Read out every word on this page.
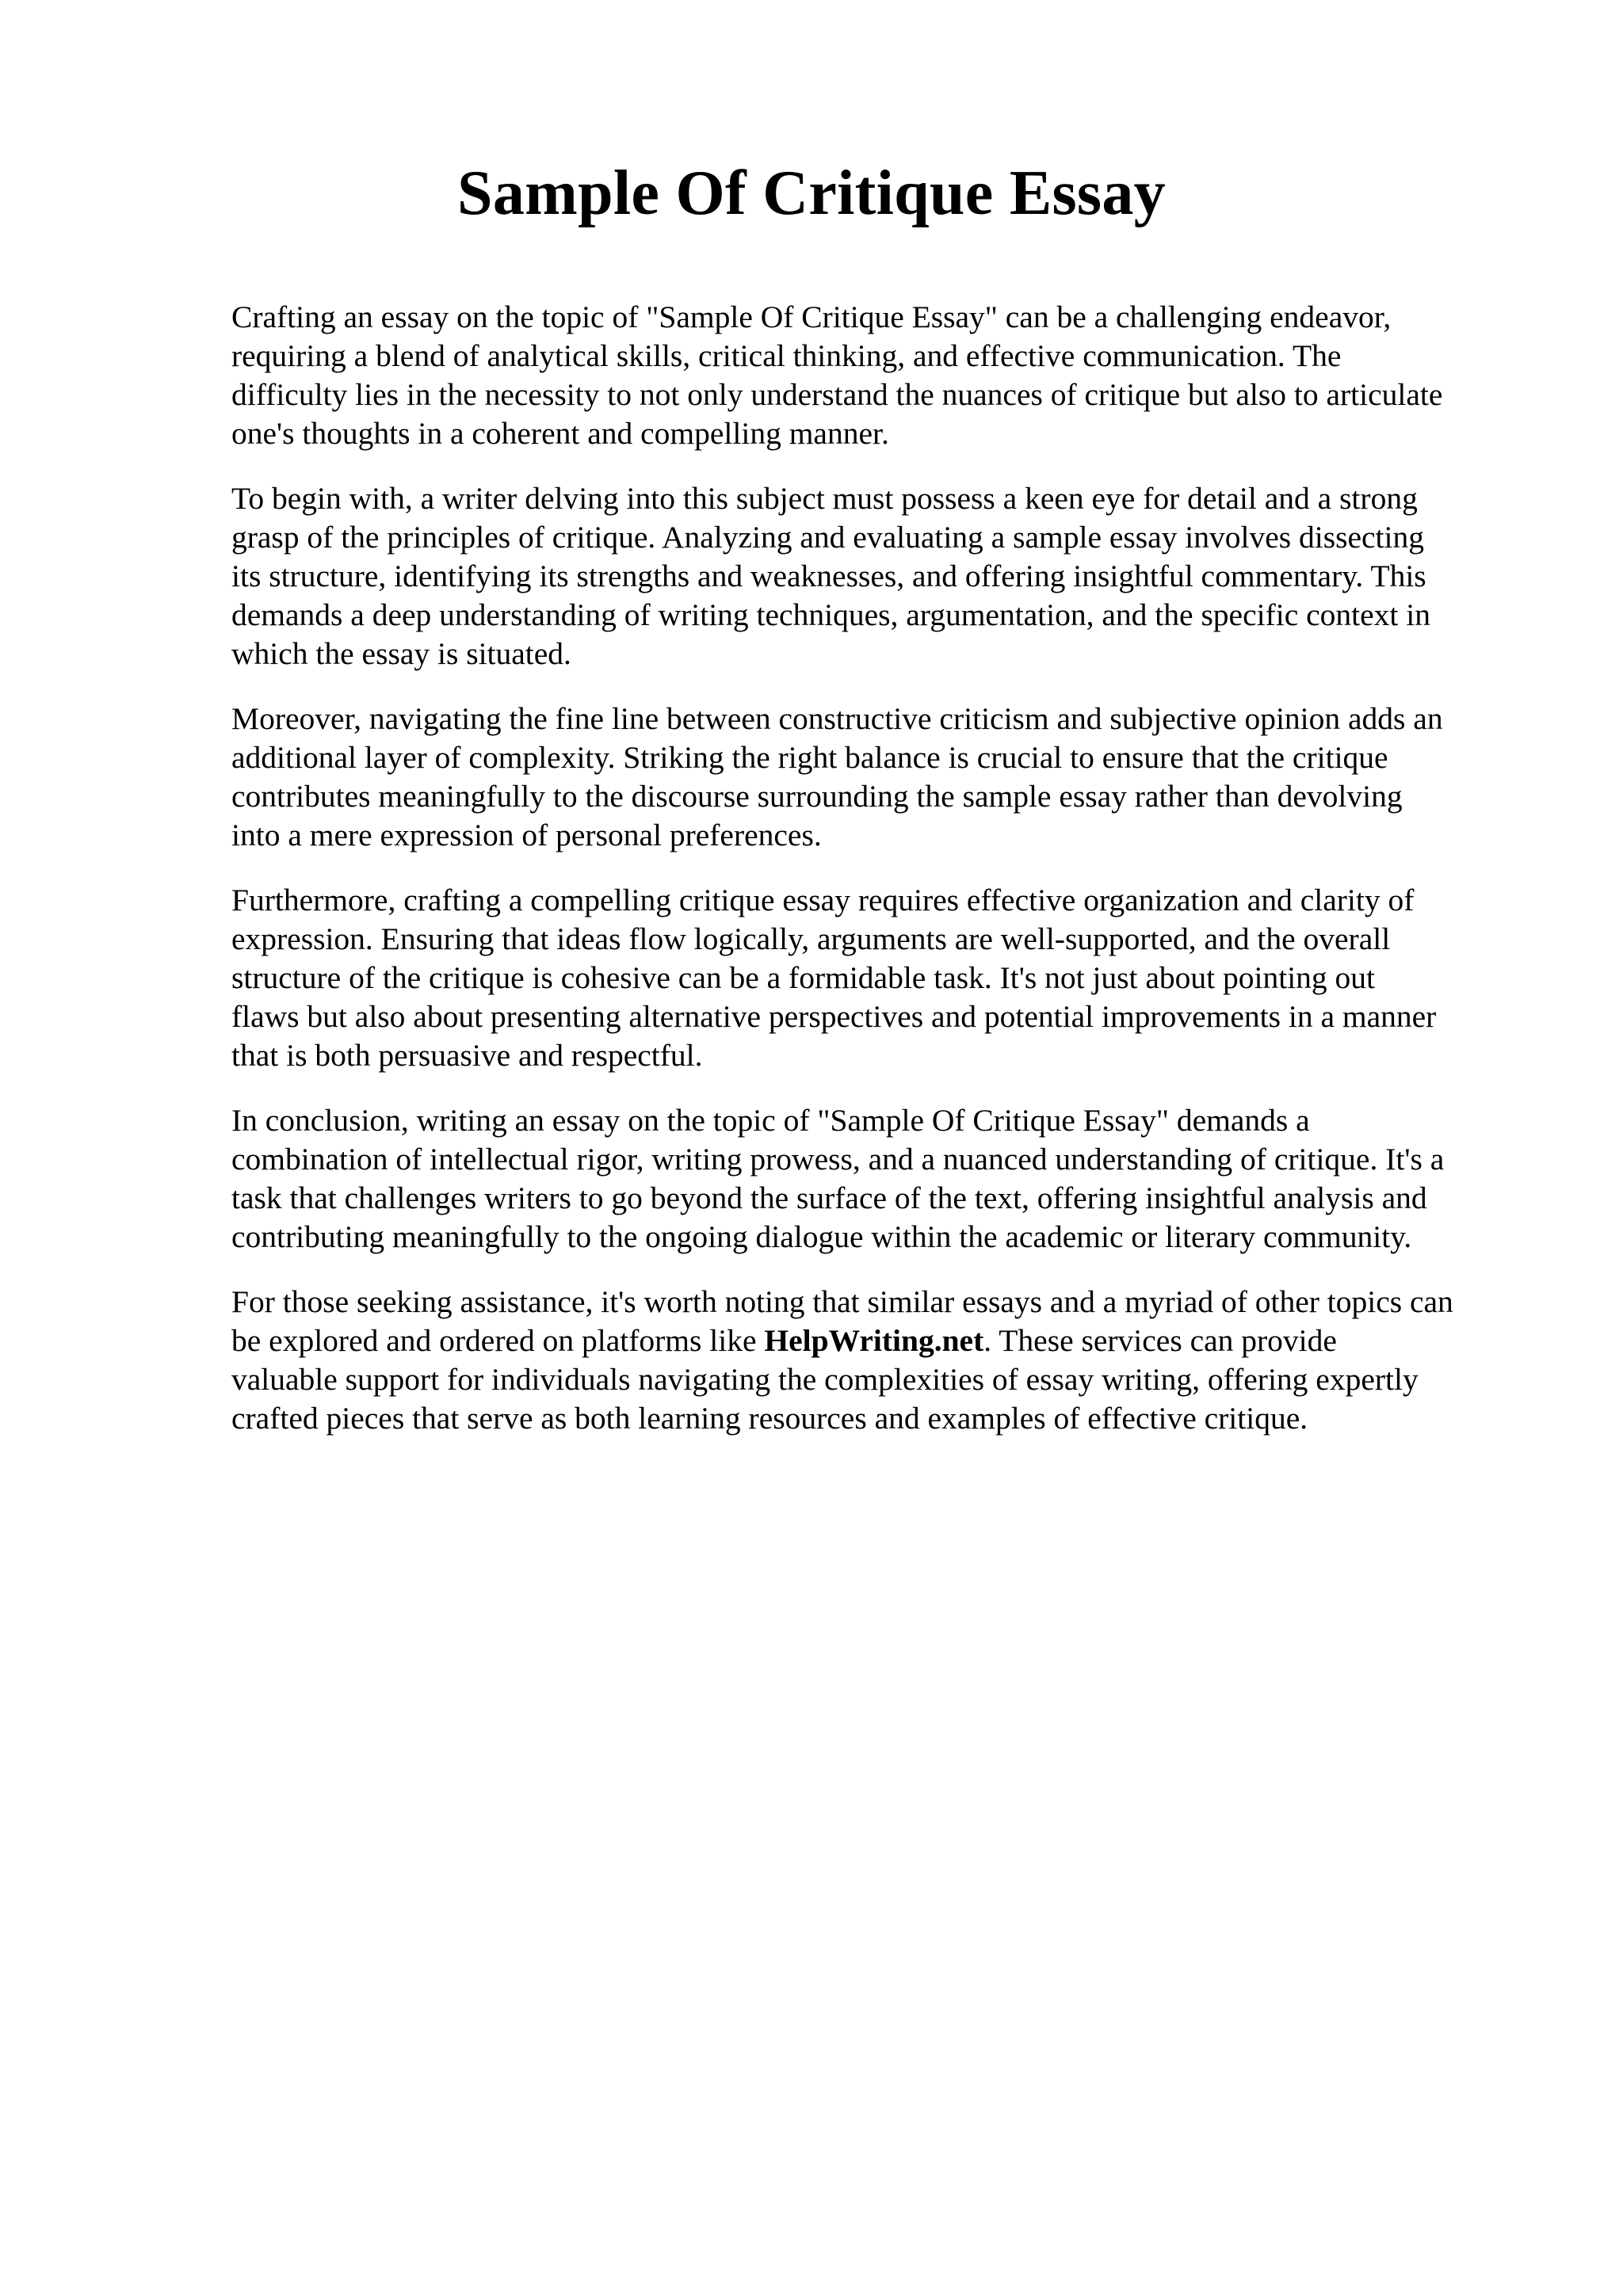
Sample Of Critique Essay

Crafting an essay on the topic of "Sample Of Critique Essay" can be a challenging endeavor,
requiring a blend of analytical skills, critical thinking, and effective communication. The
difficulty lies in the necessity to not only understand the nuances of critique but also to articulate
one's thoughts in a coherent and compelling manner.

To begin with, a writer delving into this subject must possess a keen eye for detail and a strong
grasp of the principles of critique. Analyzing and evaluating a sample essay involves dissecting
its structure, identifying its strengths and weaknesses, and offering insightful commentary. This
demands a deep understanding of writing techniques, argumentation, and the specific context in
which the essay is situated.

Moreover, navigating the fine line between constructive criticism and subjective opinion adds an
additional layer of complexity. Striking the right balance is crucial to ensure that the critique
contributes meaningfully to the discourse surrounding the sample essay rather than devolving
into a mere expression of personal preferences.

Furthermore, crafting a compelling critique essay requires effective organization and clarity of
expression. Ensuring that ideas flow logically, arguments are well-supported, and the overall
structure of the critique is cohesive can be a formidable task. It's not just about pointing out
flaws but also about presenting alternative perspectives and potential improvements in a manner
that is both persuasive and respectful.

In conclusion, writing an essay on the topic of "Sample Of Critique Essay" demands a
combination of intellectual rigor, writing prowess, and a nuanced understanding of critique. It's a
task that challenges writers to go beyond the surface of the text, offering insightful analysis and
contributing meaningfully to the ongoing dialogue within the academic or literary community.

For those seeking assistance, it's worth noting that similar essays and a myriad of other topics can
be explored and ordered on platforms like HelpWriting.net. These services can provide
valuable support for individuals navigating the complexities of essay writing, offering expertly
crafted pieces that serve as both learning resources and examples of effective critique.
